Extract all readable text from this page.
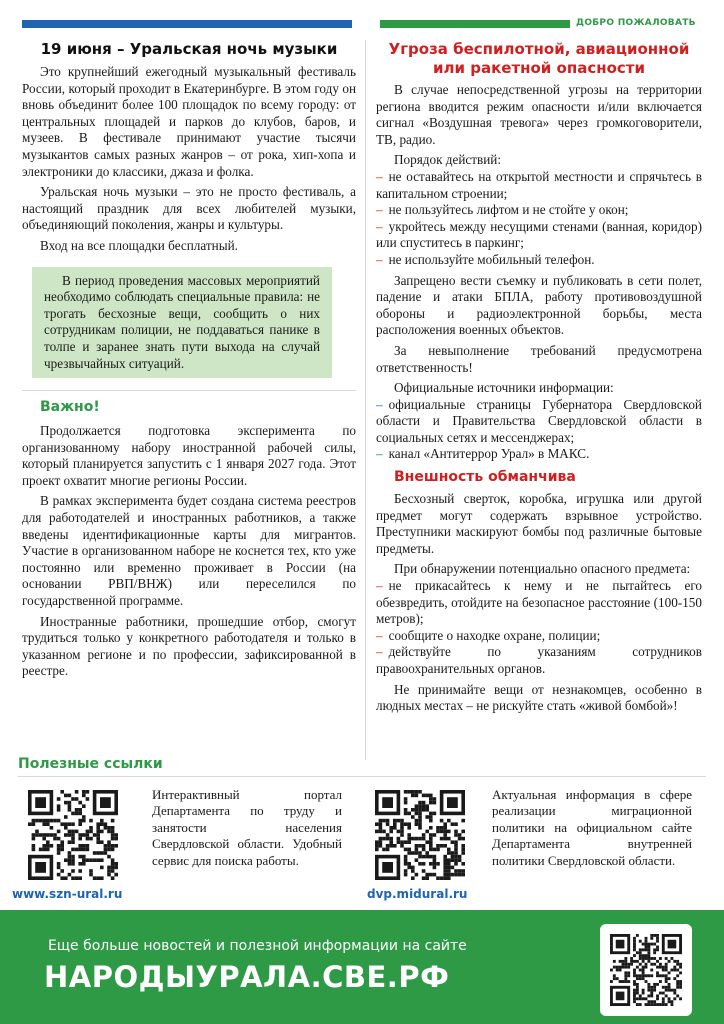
ДОБРО ПОЖАЛОВАТЬ
19 июня – Уральская ночь музыки

Это крупнейший ежегодный музыкальный фестиваль России, который проходит в Екатеринбурге. В этом году он вновь объединит более 100 площадок по всему городу: от центральных площадей и парков до клубов, баров, и музеев. В фестивале принимают участие тысячи музыкантов самых разных жанров – от рока, хип-хопа и электроники до классики, джаза и фолка.

Уральская ночь музыки – это не просто фестиваль, а настоящий праздник для всех любителей музыки, объединяющий поколения, жанры и культуры.

Вход на все площадки бесплатный.

В период проведения массовых мероприятий необходимо соблюдать специальные правила: не трогать бесхозные вещи, сообщить о них сотрудникам полиции, не поддаваться панике в толпе и заранее знать пути выхода на случай чрезвычайных ситуаций.

Важно!

Продолжается подготовка эксперимента по организованному набору иностранной рабочей силы, который планируется запустить с 1 января 2027 года. Этот проект охватит многие регионы России.

В рамках эксперимента будет создана система реестров для работодателей и иностранных работников, а также введены идентификационные карты для мигрантов. Участие в организованном наборе не коснется тех, кто уже постоянно или временно проживает в России (на основании РВП/ВНЖ) или переселился по государственной программе.

Иностранные работники, прошедшие отбор, смогут трудиться только у конкретного работодателя и только в указанном регионе и по профессии, зафиксированной в реестре.

Угроза беспилотной, авиационной или ракетной опасности

В случае непосредственной угрозы на территории региона вводится режим опасности и/или включается сигнал «Воздушная тревога» через громкоговорители, ТВ, радио.

Порядок действий:

– не оставайтесь на открытой местности и спрячьтесь в капитальном строении;
– не пользуйтесь лифтом и не стойте у окон;
– укройтесь между несущими стенами (ванная, коридор) или спуститесь в паркинг;
– не используйте мобильный телефон.

Запрещено вести съемку и публиковать в сети полет, падение и атаки БПЛА, работу противовоздушной обороны и радиоэлектронной борьбы, места расположения военных объектов.

За невыполнение требований предусмотрена ответственность!

Официальные источники информации:

– официальные страницы Губернатора Свердловской области и Правительства Свердловской области в социальных сетях и мессенджерах;
– канал «Антитеррор Урал» в МАКС.
Внешность обманчива

Бесхозный сверток, коробка, игрушка или другой предмет могут содержать взрывное устройство. Преступники маскируют бомбы под различные бытовые предметы.

При обнаружении потенциально опасного предмета:

– не прикасайтесь к нему и не пытайтесь его обезвредить, отойдите на безопасное расстояние (100-150 метров);
– сообщите о находке охране, полиции;
– действуйте по указаниям сотрудников правоохранительных органов.

Не принимайте вещи от незнакомцев, особенно в людных местах – не рискуйте стать «живой бомбой»!

Полезные ссылки
www.szn-ural.ru
Интерактивный портал Департамента по труду и занятости населения Свердловской области. Удобный сервис для поиска работы.
dvp.midural.ru
Актуальная информация в сфере реализации миграционной политики на официальном сайте Департамента внутренней политики Свердловской области.
Еще больше новостей и полезной информации на сайте
НАРОДЫУРАЛА.СВЕ.РФ
